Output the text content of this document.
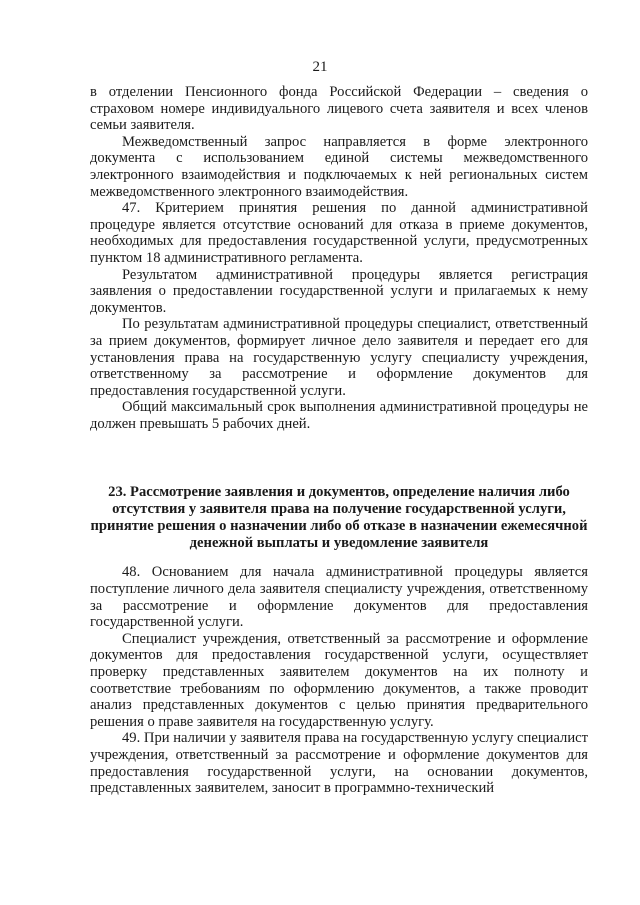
21

в отделении Пенсионного фонда Российской Федерации – сведения о страховом номере индивидуального лицевого счета заявителя и всех членов семьи заявителя.

Межведомственный запрос направляется в форме электронного документа с использованием единой системы межведомственного электронного взаимодействия и подключаемых к ней региональных систем межведомственного электронного взаимодействия.

47. Критерием принятия решения по данной административной процедуре является отсутствие оснований для отказа в приеме документов, необходимых для предоставления государственной услуги, предусмотренных пунктом 18 административного регламента.

Результатом административной процедуры является регистрация заявления о предоставлении государственной услуги и прилагаемых к нему документов.

По результатам административной процедуры специалист, ответственный за прием документов, формирует личное дело заявителя и передает его для установления права на государственную услугу специалисту учреждения, ответственному за рассмотрение и оформление документов для предоставления государственной услуги.

Общий максимальный срок выполнения административной процедуры не должен превышать 5 рабочих дней.

23. Рассмотрение заявления и документов, определение наличия либо отсутствия у заявителя права на получение государственной услуги, принятие решения о назначении либо об отказе в назначении ежемесячной денежной выплаты и уведомление заявителя

48. Основанием для начала административной процедуры является поступление личного дела заявителя специалисту учреждения, ответственному за рассмотрение и оформление документов для предоставления государственной услуги.

Специалист учреждения, ответственный за рассмотрение и оформление документов для предоставления государственной услуги, осуществляет проверку представленных заявителем документов на их полноту и соответствие требованиям по оформлению документов, а также проводит анализ представленных документов с целью принятия предварительного решения о праве заявителя на государственную услугу.

49. При наличии у заявителя права на государственную услугу специалист учреждения, ответственный за рассмотрение и оформление документов для предоставления государственной услуги, на основании документов, представленных заявителем, заносит в программно-технический
